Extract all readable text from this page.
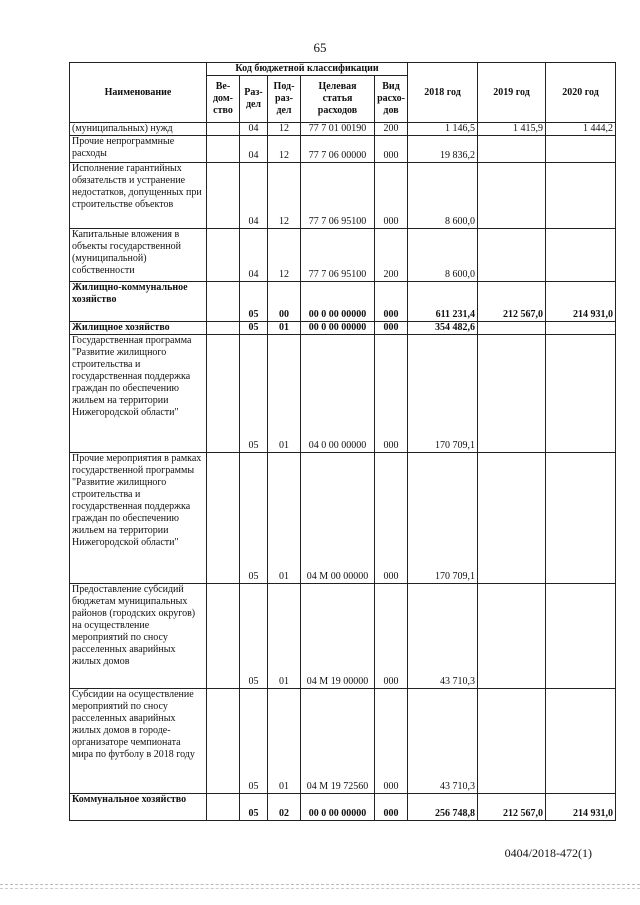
65
Наименование	Код бюджетной классификации					2018 год	2019 год	2020 год
	Ве-дом-ство	Раз-дел	Под-раз-дел	Целевая статья расходов	Вид расхо-дов			
(муниципальных) нужд		04	12	77 7 01 00190	200	1 146,5	1 415,9	1 444,2
Прочие непрограммные расходы		04	12	77 7 06 00000	000	19 836,2		
Исполнение гарантийных обязательств и устранение недостатков, допущенных при строительстве объектов		04	12	77 7 06 95100	000	8 600,0		
Капитальные вложения в объекты государственной (муниципальной) собственности		04	12	77 7 06 95100	200	8 600,0		
Жилищно-коммунальное хозяйство		05	00	00 0 00 00000	000	611 231,4	212 567,0	214 931,0
Жилищное хозяйство		05	01	00 0 00 00000	000	354 482,6		
Государственная программа "Развитие жилищного строительства и государственная поддержка граждан по обеспечению жильем на территории Нижегородской области"		05	01	04 0 00 00000	000	170 709,1		
Прочие мероприятия в рамках государственной программы "Развитие жилищного строительства и государственная поддержка граждан по обеспечению жильем на территории Нижегородской области"		05	01	04 М 00 00000	000	170 709,1		
Предоставление субсидий бюджетам муниципальных районов (городских округов) на осуществление мероприятий по сносу расселенных аварийных жилых домов		05	01	04 М 19 00000	000	43 710,3		
Субсидии на осуществление мероприятий по сносу расселенных аварийных жилых домов в городе-организаторе чемпионата мира по футболу в 2018 году		05	01	04 М 19 72560	000	43 710,3		
Коммунальное хозяйство		05	02	00 0 00 00000	000	256 748,8	212 567,0	214 931,0
0404/2018-472(1)
